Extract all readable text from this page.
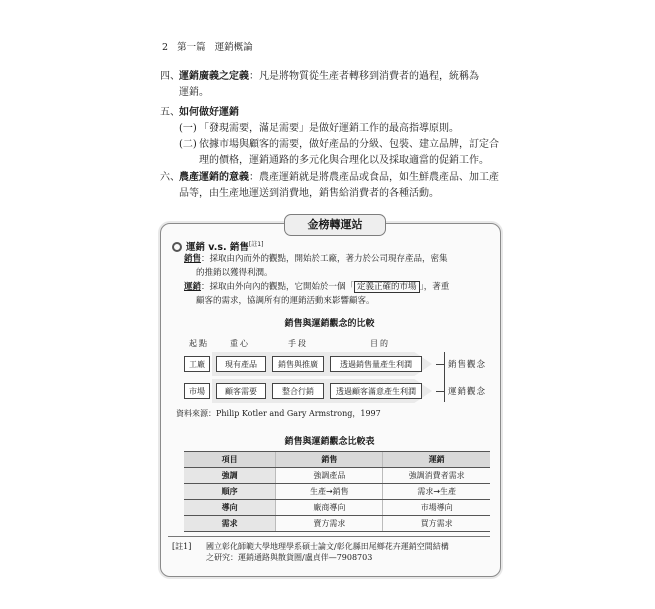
2 第一篇 運銷概論
四、 運銷廣義之定義：凡是將物質從生產者轉移到消費者的過程，統稱為
運銷。
五、 如何做好運銷
(一) 「發現需要，滿足需要」是做好運銷工作的最高指導原則。
(二) 依據市場與顧客的需要，做好產品的分級、包裝、建立品牌，訂定合
理的價格，運銷通路的多元化與合理化以及採取適當的促銷工作。
六、 農產運銷的意義：農產運銷就是將農產品或食品，如生鮮農產品、加工產
品等，由生產地運送到消費地，銷售給消費者的各種活動。
金榜轉運站
運銷 v.s. 銷售[註1]
銷售：採取由內而外的觀點，開始於工廠，著力於公司現存產品，密集
的推銷以獲得利潤。
運銷：採取由外向內的觀點，它開始於一個「 定義正確的市場 」，著重
顧客的需求，協調所有的運銷活動來影響顧客。
銷售與運銷觀念的比較
起點	重心	手段	目的
工廠	現有產品	銷售與推廣	透過銷售量產生利潤
市場	顧客需要	整合行銷	透過顧客滿意產生利潤
銷售觀念
運銷觀念
資料來源：Philip Kotler and Gary Armstrong，1997
銷售與運銷觀念比較表
項目	銷售	運銷
強調	強調產品	強調消費者需求
順序	生產→銷售	需求→生產
導向	廠商導向	市場導向
需求	賣方需求	買方需求
[註1] 國立彰化師範大學地理學系碩士論文/彰化縣田尾鄉花卉運銷空間結構
之研究：運銷通路與散貨圈/盧貞伴—7908703
